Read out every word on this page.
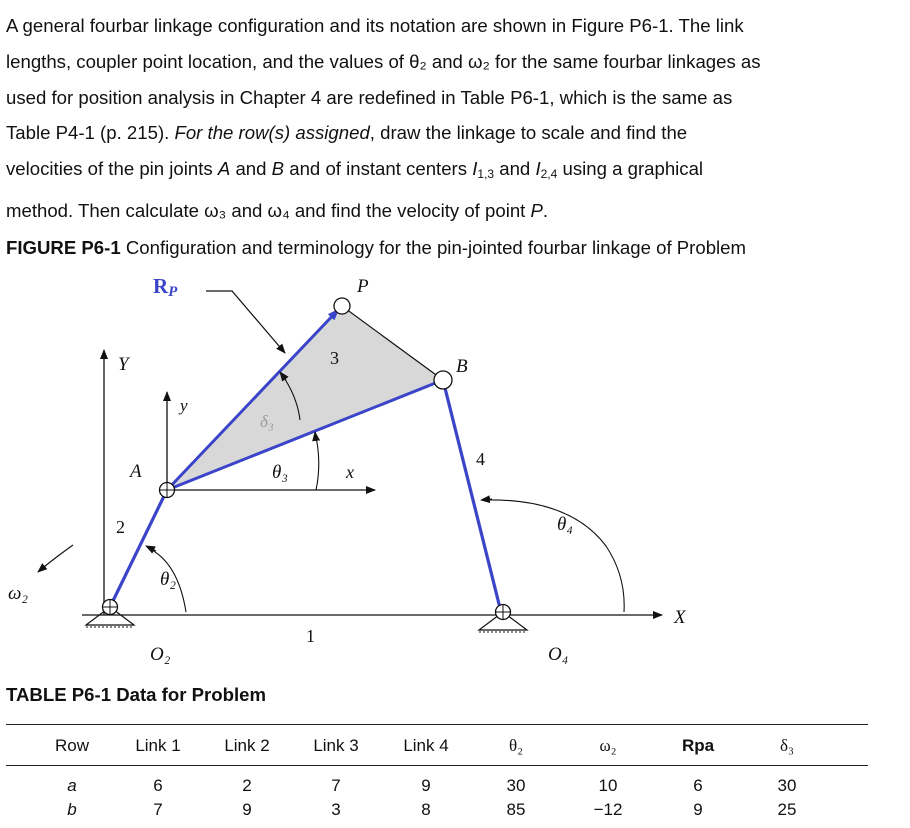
A general fourbar linkage configuration and its notation are shown in Figure P6-1. The link

lengths, coupler point location, and the values of θ₂ and ω₂ for the same fourbar linkages as

used for position analysis in Chapter 4 are redefined in Table P6-1, which is the same as

Table P4-1 (p. 215). For the row(s) assigned, draw the linkage to scale and find the

velocities of the pin joints A and B and of instant centers $I_{1,3}$ and $I_{2,4}$ using a graphical

method. Then calculate ω₃ and ω₄ and find the velocity of point P.

FIGURE P6-1 Configuration and terminology for the pin-jointed fourbar linkage of Problem
RP	P
B
Y
y
A	x
X
3
2
4
1
δ₃
θ₃
θ₂
θ₄
ω₂
O₂	O₄
TABLE P6-1 Data for Problem
Row	Link 1	Link 2	Link 3	Link 4	θ₂	ω₂	Rpa	δ₃
a	6	2	7	9	30	10	6	30
b	7	9	3	8	85	−12	9	25
